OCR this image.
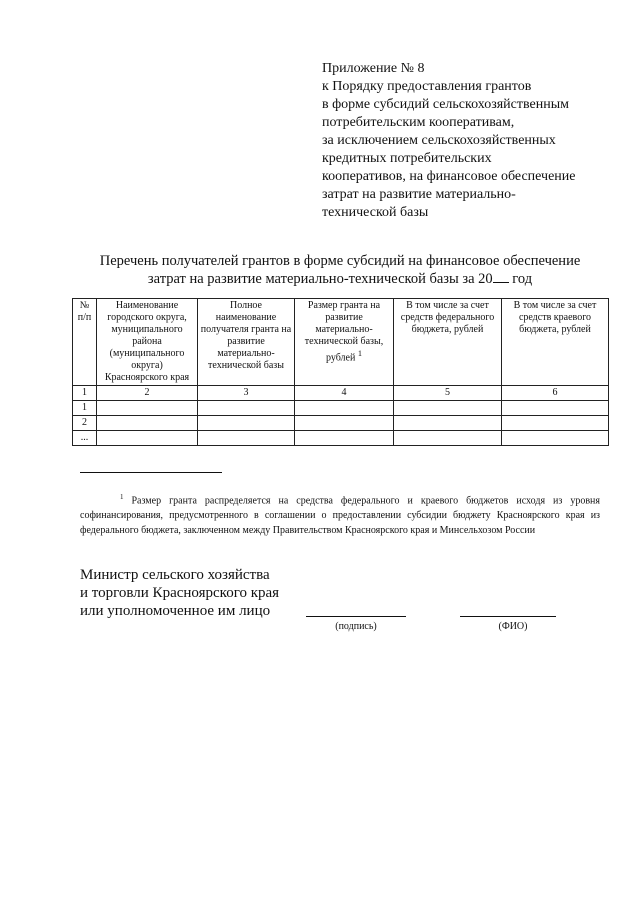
Приложение № 8
к Порядку предоставления грантов
в форме субсидий сельскохозяйственным
потребительским кооперативам,
за исключением сельскохозяйственных
кредитных потребительских
кооперативов, на финансовое обеспечение
затрат на развитие материально-
технической базы
Перечень получателей грантов в форме субсидий на финансовое обеспечение
затрат на развитие материально-технической базы за 20 год
№ п/п	Наименование городского округа, муниципального района (муниципального округа) Красноярского края	Полное наименование получателя гранта на развитие материально-технической базы	Размер гранта на развитие материально-технической базы, рублей $^1$	В том числе за счет средств федерального бюджета, рублей	В том числе за счет средств краевого бюджета, рублей
1	2	3	4	5	6
1					
2					
...					
$^1$ Размер гранта распределяется на средства федерального и краевого бюджетов исходя из уровня софинансирования, предусмотренного в соглашении о предоставлении субсидии бюджету Красноярского края из федерального бюджета, заключенном между Правительством Красноярского края и Минсельхозом России
Министр сельского хозяйства
и торговли Красноярского края
или уполномоченное им лицо
(подпись)	(ФИО)
